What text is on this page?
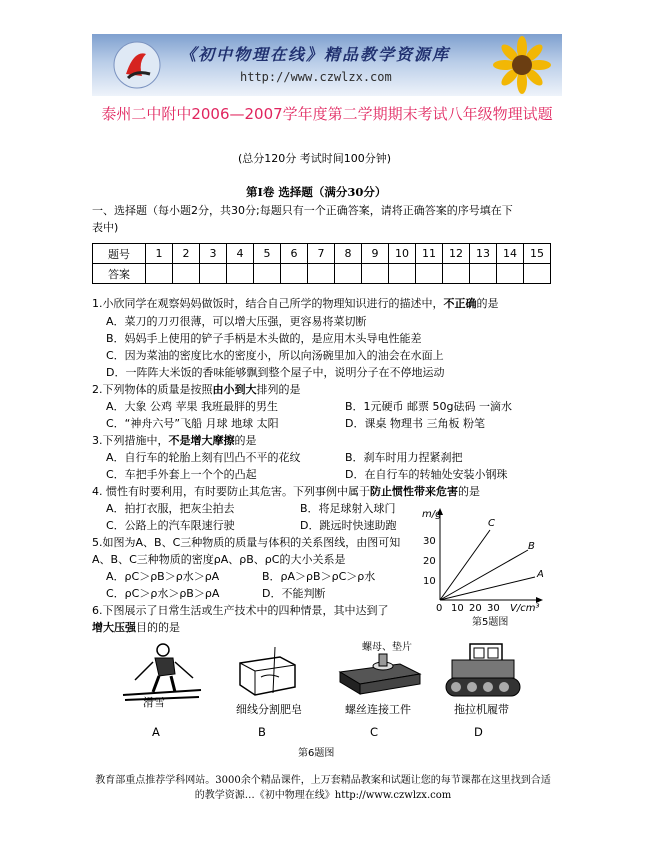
《初中物理在线》精品教学资源库
http://www.czwlzx.com
泰州二中附中2006—2007学年度第二学期期末考试八年级物理试题
(总分120分 考试时间100分钟)
第Ⅰ卷 选择题（满分30分）
一、选择题（每小题2分，共30分;每题只有一个正确答案，请将正确答案的序号填在下
表中)
题号	1	2	3	4	5	6	7	8	9	10	11	12	13	14	15
答案															
1.小欣同学在观察妈妈做饭时，结合自己所学的物理知识进行的描述中，不正确的是
A．菜刀的刀刃很薄，可以增大压强，更容易将菜切断
B．妈妈手上使用的铲子手柄是木头做的，是应用木头导电性能差
C．因为菜油的密度比水的密度小，所以向汤碗里加入的油会在水面上
D．一阵阵大米饭的香味能够飘到整个屋子中，说明分子在不停地运动
2.下列物体的质量是按照由小到大排列的是
A．大象 公鸡 苹果 我班最胖的男生	B．1元硬币 邮票 50g砝码 一滴水
C．“神舟六号”飞船 月球 地球 太阳	D．课桌 物理书 三角板 粉笔
3.下列措施中，不是增大摩擦的是
A．自行车的轮胎上刻有凹凸不平的花纹	B．刹车时用力捏紧刹把
C．车把手外套上一个个的凸起	D．在自行车的转轴处安装小钢珠
4. 惯性有时要利用，有时要防止其危害。下列事例中属于防止惯性带来危害的是
A．拍打衣服，把灰尘拍去	B．将足球射入球门
C．公路上的汽车限速行驶	D．跳远时快速助跑
5.如图为A、B、C三种物质的质量与体积的关系图线，由图可知
A、B、C三种物质的密度ρA、ρB、ρC的大小关系是
A．ρC＞ρB＞ρ水＞ρA	B．ρA＞ρB＞ρC＞ρ水
C．ρC＞ρ水＞ρB＞ρA	D．不能判断
6.下图展示了日常生活或生产技术中的四种情景，其中达到了
增大压强目的的是
m/g
30
20
10
0 10 20 30 V/cm³
C
B
A
第5题图
滑雪
细线分割肥皂
螺母、垫片
螺丝连接工件	拖拉机履带
A	B	C	D
第6题图
教育部重点推荐学科网站。3000余个精品课件，上万套精品教案和试题让您的每节课都在这里找到合适
的教学资源…《初中物理在线》http://www.czwlzx.com
